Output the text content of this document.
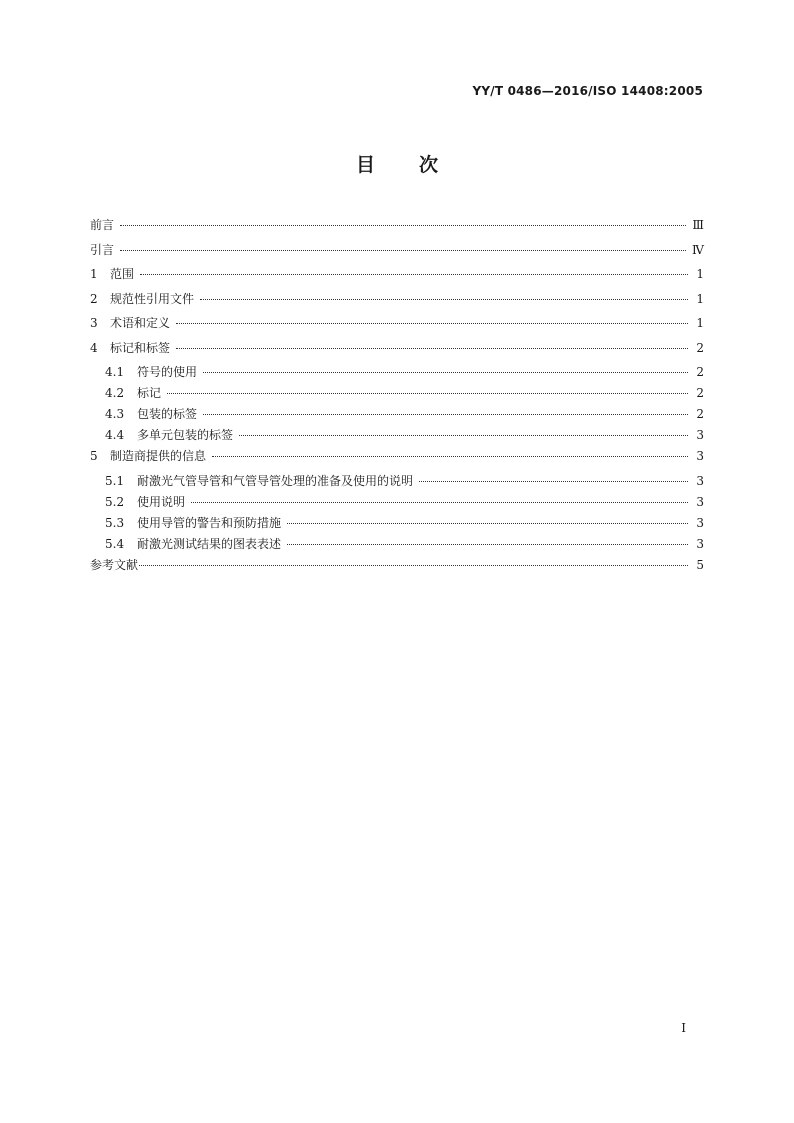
YY/T 0486—2016/ISO 14408:2005
目 次
前言	Ⅲ
引言	Ⅳ
1	范围	1
2	规范性引用文件	1
3	术语和定义	1
4	标记和标签	2
4.1	符号的使用	2
4.2	标记	2
4.3	包装的标签	2
4.4	多单元包装的标签	3
5	制造商提供的信息	3
5.1	耐激光气管导管和气管导管处理的准备及使用的说明	3
5.2	使用说明	3
5.3	使用导管的警告和预防措施	3
5.4	耐激光测试结果的图表表述	3
参考文献	5
I
